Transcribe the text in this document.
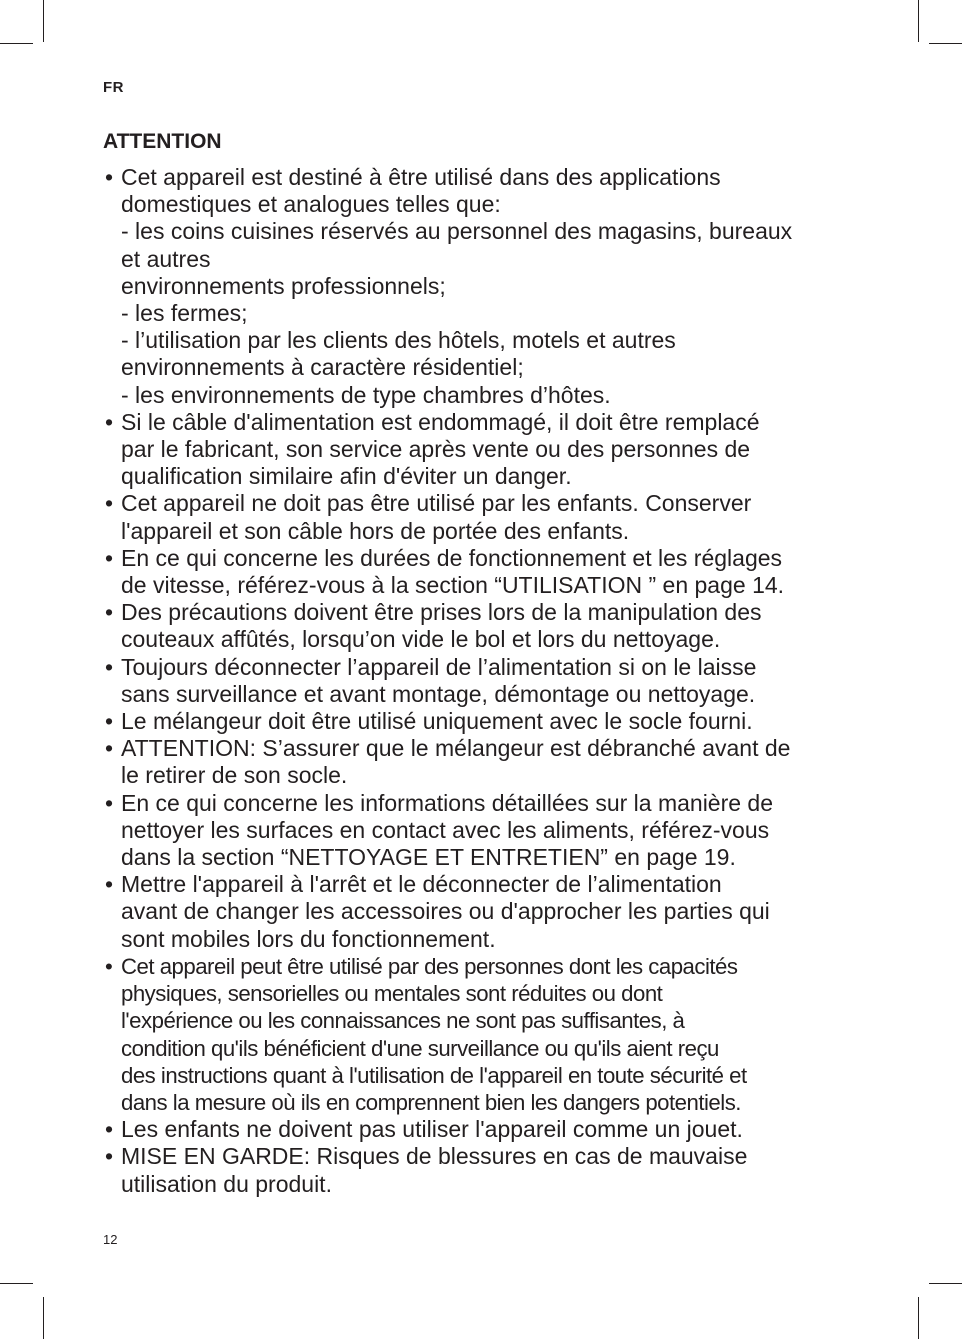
FR
ATTENTION
• Cet appareil est destiné à être utilisé dans des applications
domestiques et analogues telles que:
- les coins cuisines réservés au personnel des magasins, bureaux
et autres
environnements professionnels;
- les fermes;
- l’utilisation par les clients des hôtels, motels et autres
environnements à caractère résidentiel;
- les environnements de type chambres d’hôtes.
• Si le câble d'alimentation est endommagé, il doit être remplacé
par le fabricant, son service après vente ou des personnes de
qualification similaire afin d'éviter un danger.
• Cet appareil ne doit pas être utilisé par les enfants. Conserver
l'appareil et son câble hors de portée des enfants.
• En ce qui concerne les durées de fonctionnement et les réglages
de vitesse, référez-vous à la section “UTILISATION ” en page 14.
• Des précautions doivent être prises lors de la manipulation des
couteaux affûtés, lorsqu’on vide le bol et lors du nettoyage.
• Toujours déconnecter l’appareil de l’alimentation si on le laisse
sans surveillance et avant montage, démontage ou nettoyage.
• Le mélangeur doit être utilisé uniquement avec le socle fourni.
• ATTENTION: S’assurer que le mélangeur est débranché avant de
le retirer de son socle.
• En ce qui concerne les informations détaillées sur la manière de
nettoyer les surfaces en contact avec les aliments, référez-vous
dans la section “NETTOYAGE ET ENTRETIEN” en page 19.
• Mettre l'appareil à l'arrêt et le déconnecter de l’alimentation
avant de changer les accessoires ou d'approcher les parties qui
sont mobiles lors du fonctionnement.
• Cet appareil peut être utilisé par des personnes dont les capacités
physiques, sensorielles ou mentales sont réduites ou dont
l'expérience ou les connaissances ne sont pas suffisantes, à
condition qu'ils bénéficient d'une surveillance ou qu'ils aient reçu
des instructions quant à l'utilisation de l'appareil en toute sécurité et
dans la mesure où ils en comprennent bien les dangers potentiels.
• Les enfants ne doivent pas utiliser l'appareil comme un jouet.
• MISE EN GARDE: Risques de blessures en cas de mauvaise
utilisation du produit.
12
